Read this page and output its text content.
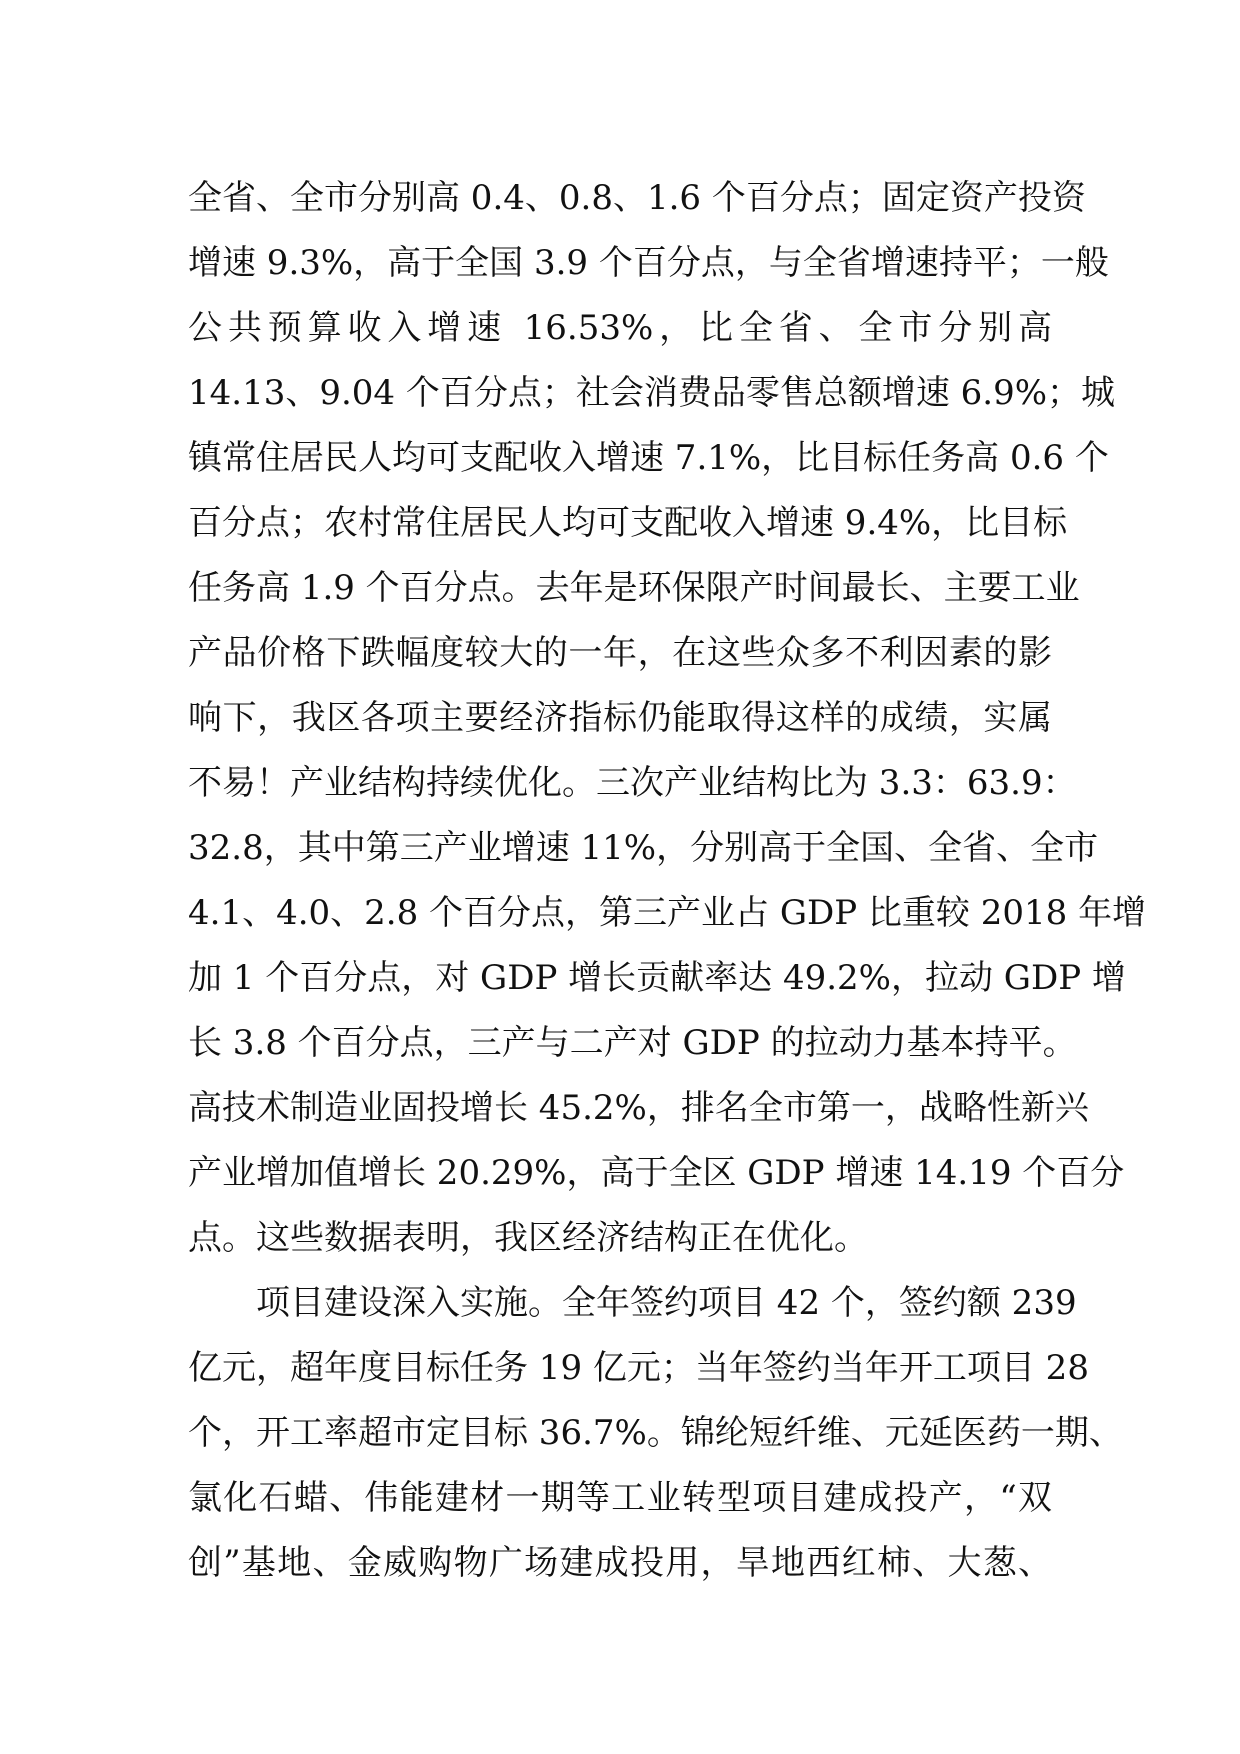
全省、全市分别高 0.4、0.8、1.6 个百分点；固定资产投资
增速 9.3%，高于全国 3.9 个百分点，与全省增速持平；一般
公共预算收入增速 16.53%，比全省、全市分别高
14.13、9.04 个百分点；社会消费品零售总额增速 6.9%；城
镇常住居民人均可支配收入增速 7.1%，比目标任务高 0.6 个
百分点；农村常住居民人均可支配收入增速 9.4%，比目标
任务高 1.9 个百分点。去年是环保限产时间最长、主要工业
产品价格下跌幅度较大的一年，在这些众多不利因素的影
响下，我区各项主要经济指标仍能取得这样的成绩，实属
不易！产业结构持续优化。三次产业结构比为 3.3：63.9：
32.8，其中第三产业增速 11%，分别高于全国、全省、全市
4.1、4.0、2.8 个百分点，第三产业占 GDP 比重较 2018 年增
加 1 个百分点，对 GDP 增长贡献率达 49.2%，拉动 GDP 增
长 3.8 个百分点，三产与二产对 GDP 的拉动力基本持平。
高技术制造业固投增长 45.2%，排名全市第一，战略性新兴
产业增加值增长 20.29%，高于全区 GDP 增速 14.19 个百分
点。这些数据表明，我区经济结构正在优化。
项目建设深入实施。全年签约项目 42 个，签约额 239
亿元，超年度目标任务 19 亿元；当年签约当年开工项目 28
个，开工率超市定目标 36.7%。锦纶短纤维、元延医药一期、
氯化石蜡、伟能建材一期等工业转型项目建成投产，“双
创”基地、金威购物广场建成投用，旱地西红柿、大葱、
